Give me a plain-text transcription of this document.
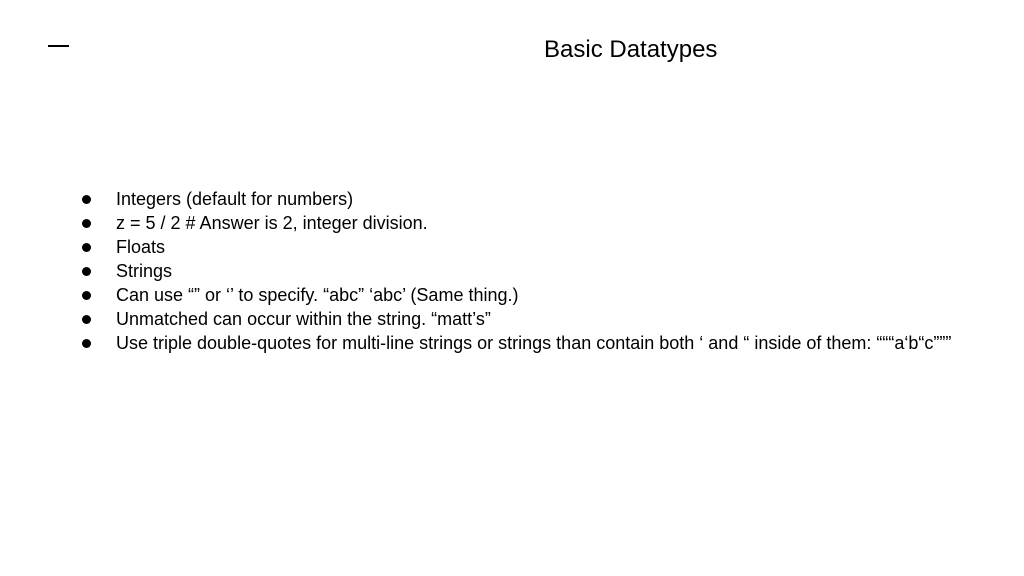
Basic Datatypes
Integers (default for numbers)
z = 5 / 2 # Answer is 2, integer division.
Floats
Strings
Can use “” or ‘’ to specify. “abc” ‘abc’ (Same thing.)
Unmatched can occur within the string. “matt’s”
Use triple double-quotes for multi-line strings or strings than contain both ‘ and “ inside of them: “““a‘b“c”””
